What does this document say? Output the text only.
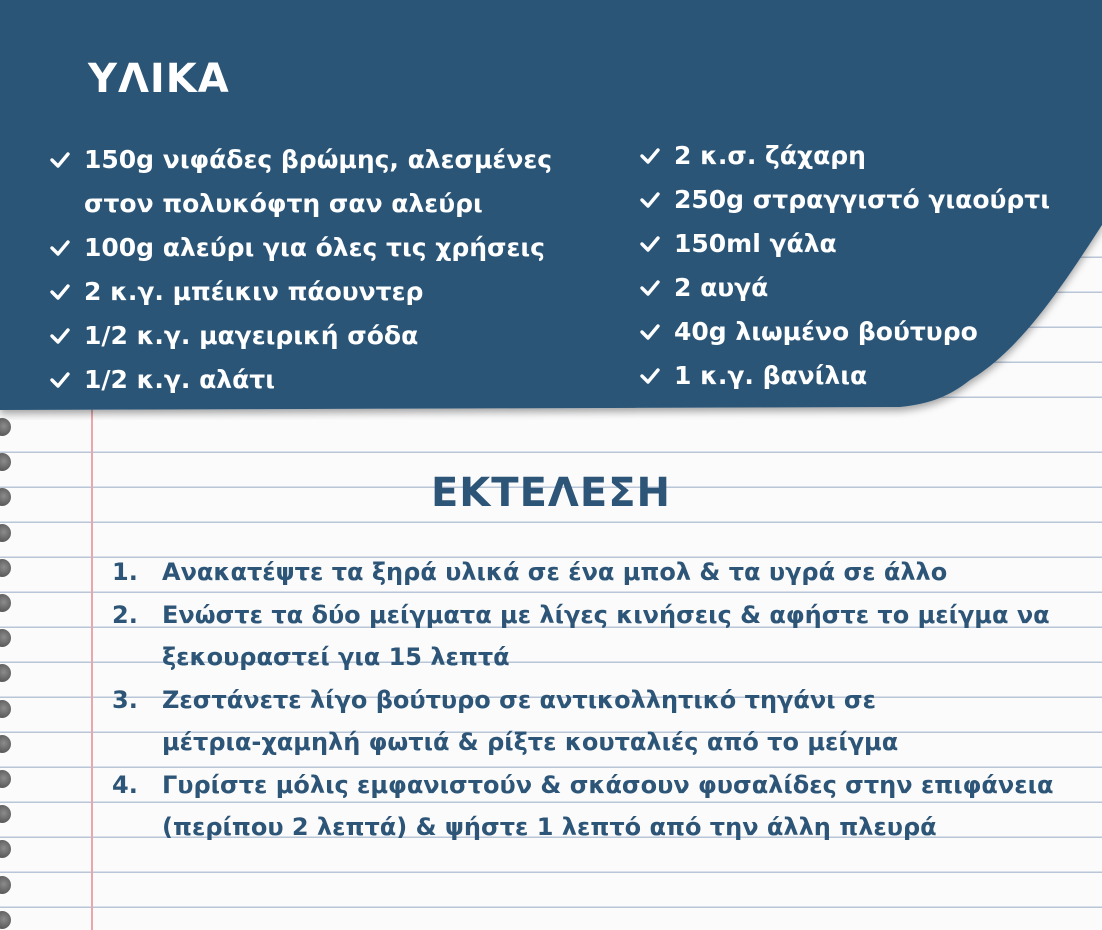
ΥΛΙΚΑ
150g νιφάδες βρώμης, αλεσμένες
στον πολυκόφτη σαν αλεύρι
100g αλεύρι για όλες τις χρήσεις
2 κ.γ. μπέικιν πάουντερ
1/2 κ.γ. μαγειρική σόδα
1/2 κ.γ. αλάτι
2 κ.σ. ζάχαρη
250g στραγγιστό γιαούρτι
150ml γάλα
2 αυγά
40g λιωμένο βούτυρο
1 κ.γ. βανίλια
ΕΚΤΕΛΕΣΗ
1. Ανακατέψτε τα ξηρά υλικά σε ένα μπολ & τα υγρά σε άλλο
2. Ενώστε τα δύο μείγματα με λίγες κινήσεις & αφήστε το μείγμα να
ξεκουραστεί για 15 λεπτά
3. Ζεστάνετε λίγο βούτυρο σε αντικολλητικό τηγάνι σε
μέτρια-χαμηλή φωτιά & ρίξτε κουταλιές από το μείγμα
4. Γυρίστε μόλις εμφανιστούν & σκάσουν φυσαλίδες στην επιφάνεια
(περίπου 2 λεπτά) & ψήστε 1 λεπτό από την άλλη πλευρά
